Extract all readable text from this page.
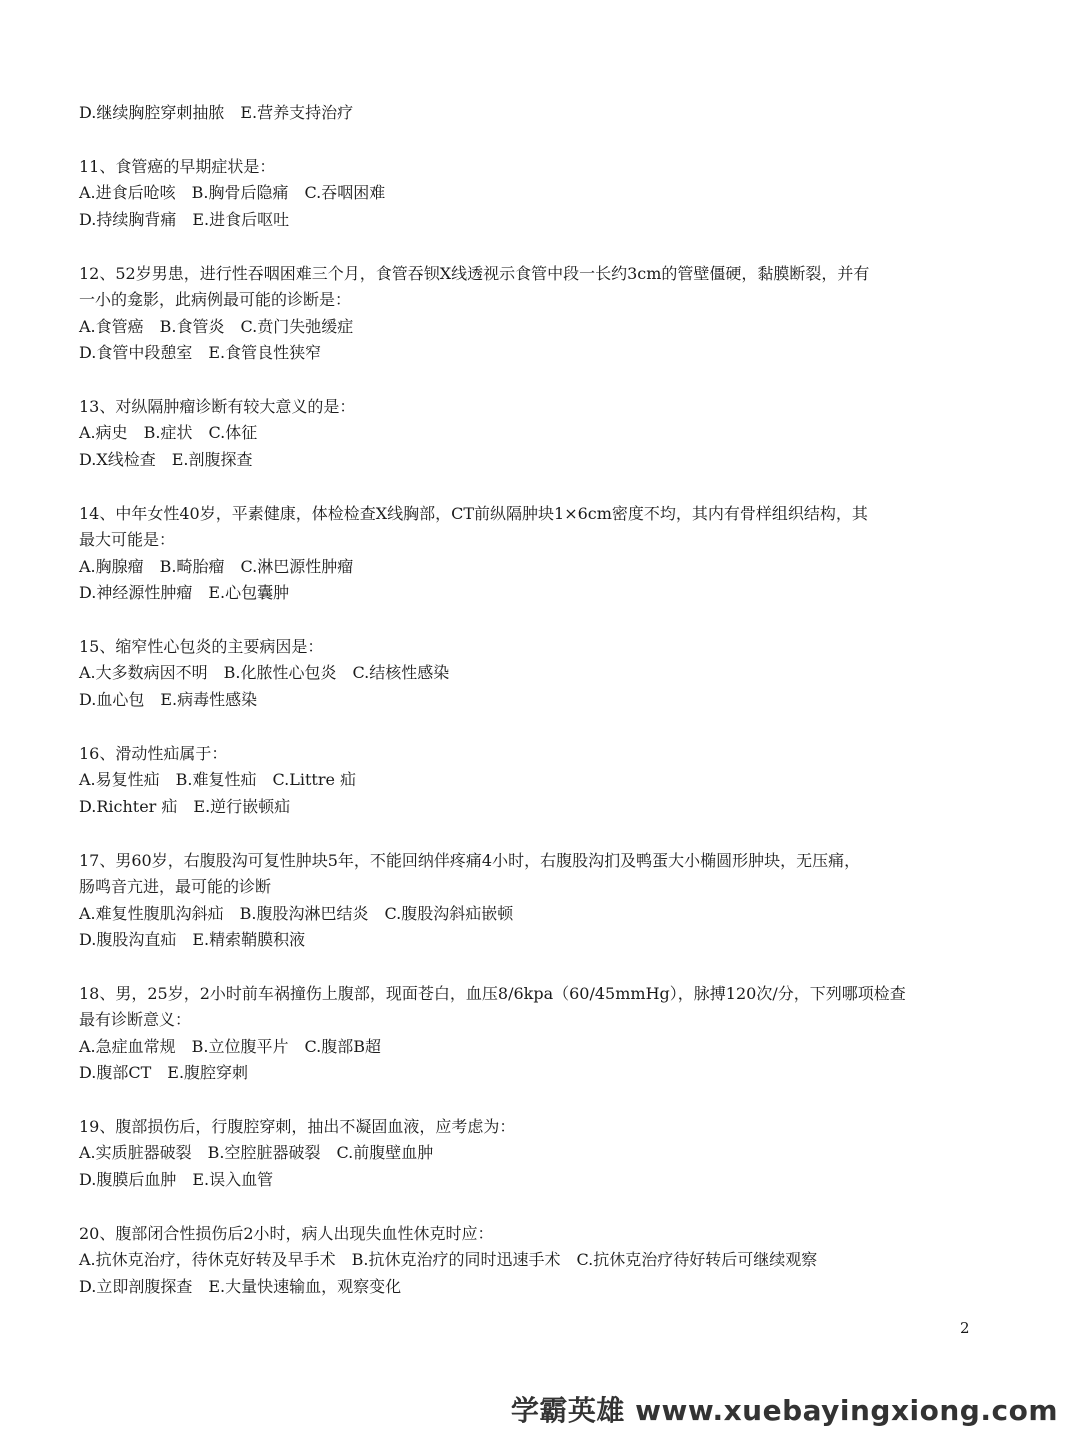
D.继续胸腔穿刺抽脓　E.营养支持治疗
11、食管癌的早期症状是：
A.进食后呛咳　B.胸骨后隐痛　C.吞咽困难
D.持续胸背痛　E.进食后呕吐
12、52岁男患，进行性吞咽困难三个月，食管吞钡X线透视示食管中段一长约3cm的管壁僵硬，黏膜断裂，并有
一小的龛影，此病例最可能的诊断是：
A.食管癌　B.食管炎　C.贲门失弛缓症
D.食管中段憩室　E.食管良性狭窄
13、对纵隔肿瘤诊断有较大意义的是：
A.病史　B.症状　C.体征
D.X线检查　E.剖腹探查
14、中年女性40岁，平素健康，体检检查X线胸部，CT前纵隔肿块1×6cm密度不均，其内有骨样组织结构，其
最大可能是：
A.胸腺瘤　B.畸胎瘤　C.淋巴源性肿瘤
D.神经源性肿瘤　E.心包囊肿
15、缩窄性心包炎的主要病因是：
A.大多数病因不明　B.化脓性心包炎　C.结核性感染
D.血心包　E.病毒性感染
16、滑动性疝属于：
A.易复性疝　B.难复性疝　C.Littre 疝
D.Richter 疝　E.逆行嵌顿疝
17、男60岁，右腹股沟可复性肿块5年，不能回纳伴疼痛4小时，右腹股沟扪及鸭蛋大小椭圆形肿块，无压痛，
肠鸣音亢进，最可能的诊断
A.难复性腹肌沟斜疝　B.腹股沟淋巴结炎　C.腹股沟斜疝嵌顿
D.腹股沟直疝　E.精索鞘膜积液
18、男，25岁，2小时前车祸撞伤上腹部，现面苍白，血压8/6kpa（60/45mmHg），脉搏120次/分，下列哪项检查
最有诊断意义：
A.急症血常规　B.立位腹平片　C.腹部B超
D.腹部CT　E.腹腔穿刺
19、腹部损伤后，行腹腔穿刺，抽出不凝固血液，应考虑为：
A.实质脏器破裂　B.空腔脏器破裂　C.前腹壁血肿
D.腹膜后血肿　E.误入血管
20、腹部闭合性损伤后2小时，病人出现失血性休克时应：
A.抗休克治疗，待休克好转及早手术　B.抗休克治疗的同时迅速手术　C.抗休克治疗待好转后可继续观察
D.立即剖腹探查　E.大量快速输血，观察变化
2
学霸英雄 www.xuebayingxiong.com
